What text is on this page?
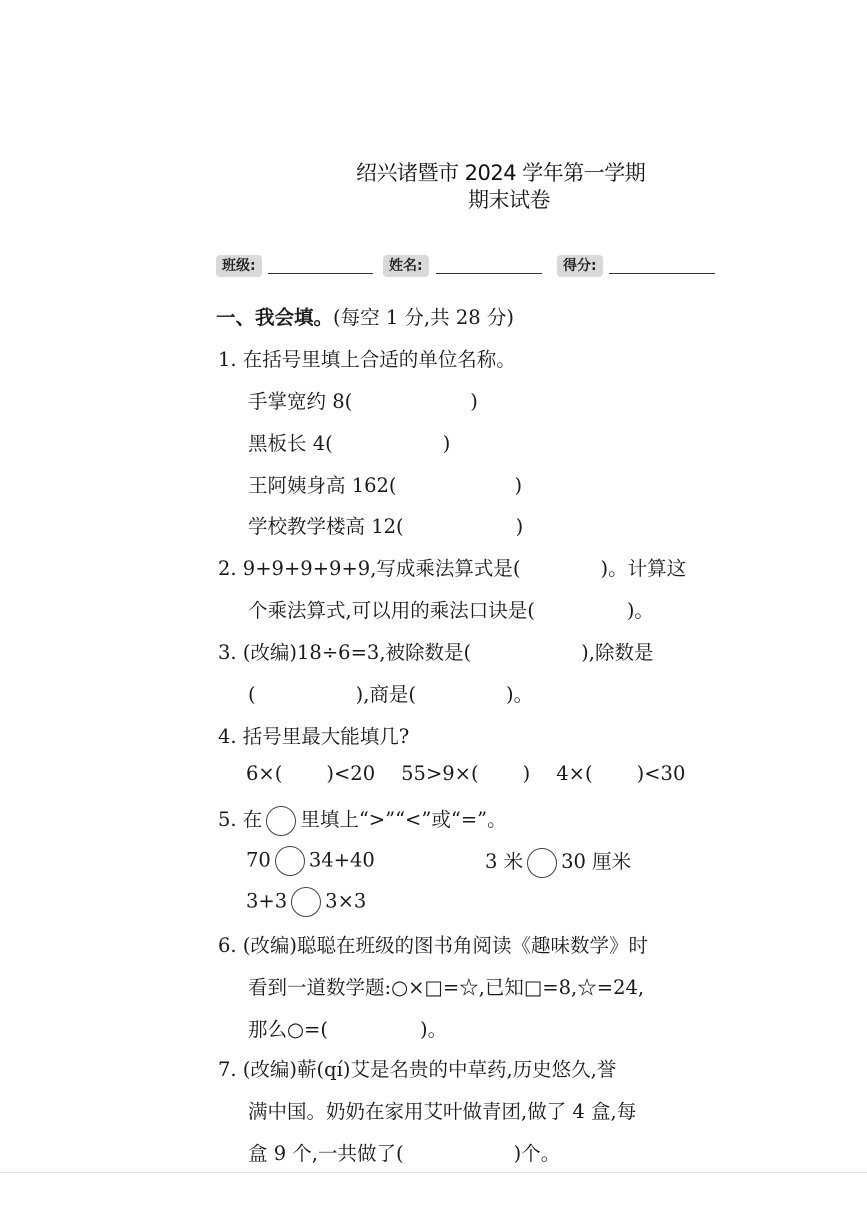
绍兴诸暨市 2024 学年第一学期
期末试卷
班级:	姓名:	得分:
一、我会填。(每空 1 分,共 28 分)
1. 在括号里填上合适的单位名称。
手掌宽约 8(	)
黑板长 4(	)
王阿姨身高 162(	)
学校教学楼高 12(	)
2. 9+9+9+9+9,写成乘法算式是(	)。计算这
个乘法算式,可以用的乘法口诀是(	)。
3. (改编)18÷6=3,被除数是(	),除数是
(	),商是(	)。
4. 括号里最大能填几?
6×( )<20 55>9×( ) 4×( )<30
5. 在 里填上“>”“<”或“=”。
70 34+40	3 米 30 厘米
3+3 3×3
6. (改编)聪聪在班级的图书角阅读《趣味数学》时
看到一道数学题:○×□=☆,已知□=8,☆=24,
那么○=(	)。
7. (改编)蕲(qí)艾是名贵的中草药,历史悠久,誉
满中国。奶奶在家用艾叶做青团,做了 4 盒,每
盒 9 个,一共做了(	)个。
